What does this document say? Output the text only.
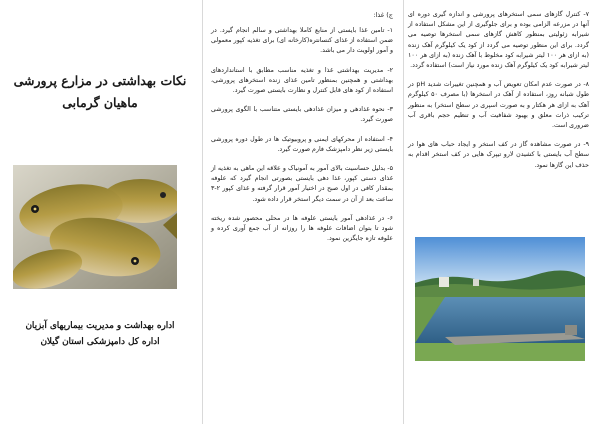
۷- کنترل گازهای سمی استخرهای پرورشی و اندازه گیری دوره ای آنها در مزرعه الزامی بوده و برای جلوگیری از این مشکل استفاده از شیرابه زئولیتی بمنظور کاهش گازهای سمی استخرها توصیه می گردد. برای این منظور توصیه می گردد از کود یک کیلوگرم آهک زنده (به ازای هر ۱۰۰ لیتر شیرابه کود مخلوط با آهک زنده (به ازای هر ۱۰۰ لیتر شیرابه کود یک کیلوگرم آهک زنده مورد نیاز است) استفاده گردد.

۸- در صورت عدم امکان تعویض آب و همچنین تغییرات شدید pH در طول شبانه روز، استفاده از آهک در استخرها (با مصرف ۵۰ کیلوگرم آهک به ازای هر هکتار و به صورت اسپری در سطح استخر) به منظور ترکیب ذرات معلق و بهبود شفافیت آب و تنظیم حجم باقری آب ضروری است.

۹- در صورت مشاهده گاز در کف استخر و ایجاد حباب های هوا در سطح آب بایستی با کشیدن لارو تیپرک هایی در کف استخر اقدام به حذف این گازها نمود.

ج) غذا:

۱- تامین غذا بایستی از منابع کاملا بهداشتی و سالم انجام گیرد. در ضمن استفاده از غذای کنسانتره(کارخانه ای) برای تغذیه کپور معمولی و آمور اولویت دار می باشد.

۲- مدیریت بهداشتی غذا و تغذیه مناسب مطابق با استانداردهای بهداشتی و همچنین بمنظور تامین غذای زنده استخرهای پرورشی، استفاده از کود های قابل کنترل و نظارت بایستی صورت گیرد.

۳- نحوه غذادهی و میزان غذادهی بایستی متناسب با الگوی پرورشی صورت گیرد.

۴- استفاده از محرکهای ایمنی و پروبیوتیک ها در طول دوره پرورشی بایستی زیر نظر دامپزشک فارم صورت گیرد.

۵- بدلیل حساسیت بالای آمور به آمونیاک و علاقه این ماهی به تغذیه از غذای دستی کپور، غذا دهی بایستی بصورتی انجام گیرد که علوفه بمقدار کافی در اول صبح در اختیار آمور قرار گرفته و غذای کپور ۲-۳ ساعت بعد از آن در سمت دیگر استخر قرار داده شود.

۶- در غذادهی آمور بایستی علوفه ها در محلی محصور شده ریخته شود تا بتوان اضافات علوفه ها را روزانه از آب جمع آوری کرده و علوفه تازه جایگزین نمود.

نکات بهداشتی در مزارع پرورشی ماهیان گرمابی
اداره بهداشت و مدیریت بیماریهای آبزیان
اداره کل دامپزشکی استان گیلان
